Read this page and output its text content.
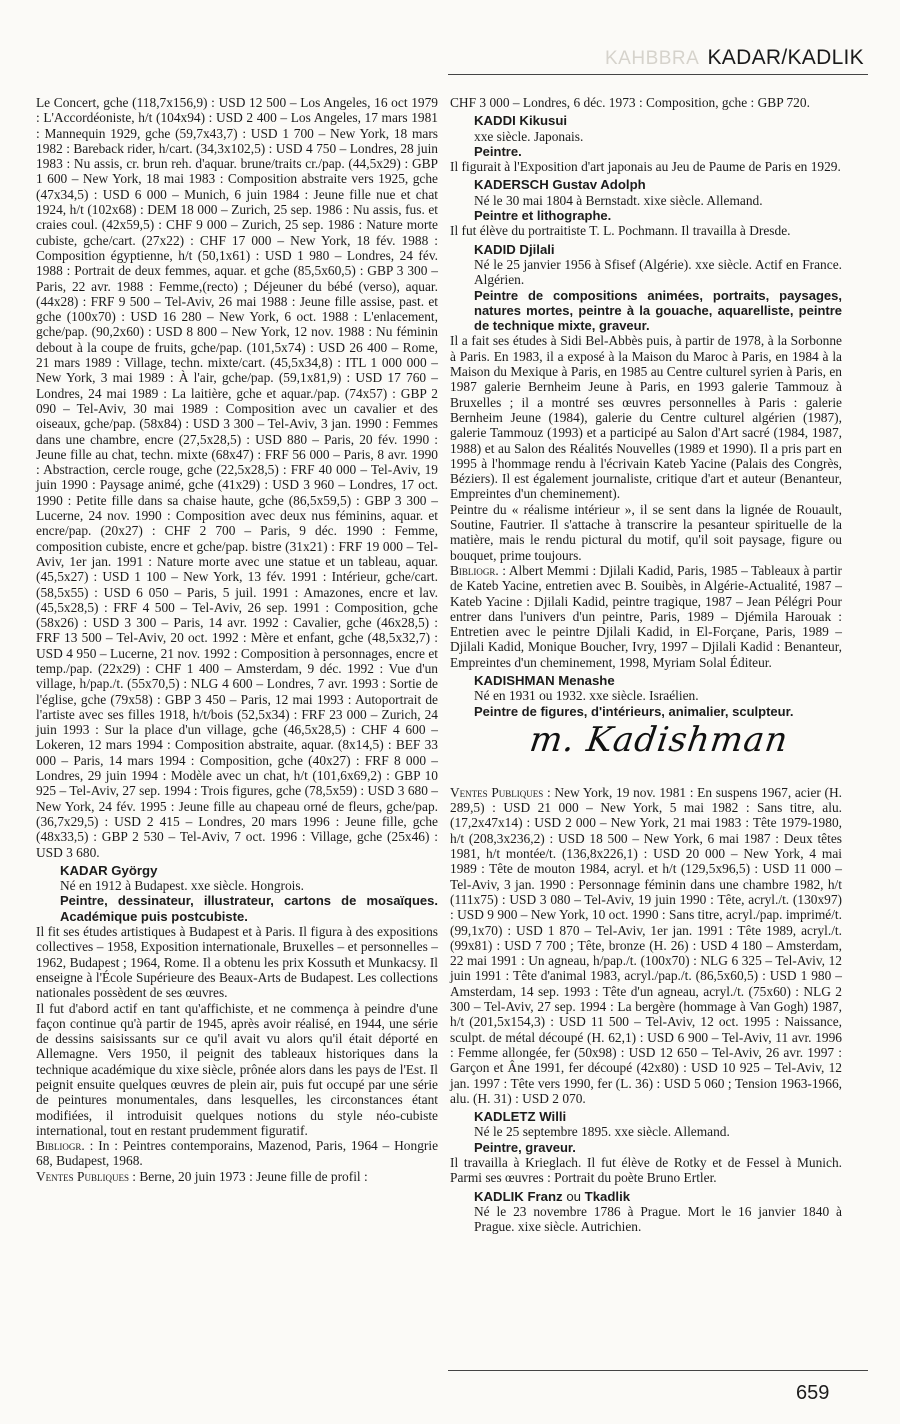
KAHBBRA KADAR/KADLIK

Le Concert, gche (118,7x156,9) : USD 12 500 – Los Angeles, 16 oct 1979 : L'Accordéoniste, h/t (104x94) : USD 2 400 – Los Angeles, 17 mars 1981 : Mannequin 1929, gche (59,7x43,7) : USD 1 700 – New York, 18 mars 1982 : Bareback rider, h/cart. (34,3x102,5) : USD 4 750 – Londres, 28 juin 1983 : Nu assis, cr. brun reh. d'aquar. brune/traits cr./pap. (44,5x29) : GBP 1 600 – New York, 18 mai 1983 : Composition abstraite vers 1925, gche (47x34,5) : USD 6 000 – Munich, 6 juin 1984 : Jeune fille nue et chat 1924, h/t (102x68) : DEM 18 000 – Zurich, 25 sep. 1986 : Nu assis, fus. et craies coul. (42x59,5) : CHF 9 000 – Zurich, 25 sep. 1986 : Nature morte cubiste, gche/cart. (27x22) : CHF 17 000 – New York, 18 fév. 1988 : Composition égyptienne, h/t (50,1x61) : USD 1 980 – Londres, 24 fév. 1988 : Portrait de deux femmes, aquar. et gche (85,5x60,5) : GBP 3 300 – Paris, 22 avr. 1988 : Femme,(recto) ; Déjeuner du bébé (verso), aquar. (44x28) : FRF 9 500 – Tel-Aviv, 26 mai 1988 : Jeune fille assise, past. et gche (100x70) : USD 16 280 – New York, 6 oct. 1988 : L'enlacement, gche/pap. (90,2x60) : USD 8 800 – New York, 12 nov. 1988 : Nu féminin debout à la coupe de fruits, gche/pap. (101,5x74) : USD 26 400 – Rome, 21 mars 1989 : Village, techn. mixte/cart. (45,5x34,8) : ITL 1 000 000 – New York, 3 mai 1989 : À l'air, gche/pap. (59,1x81,9) : USD 17 760 – Londres, 24 mai 1989 : La laitière, gche et aquar./pap. (74x57) : GBP 2 090 – Tel-Aviv, 30 mai 1989 : Composition avec un cavalier et des oiseaux, gche/pap. (58x84) : USD 3 300 – Tel-Aviv, 3 jan. 1990 : Femmes dans une chambre, encre (27,5x28,5) : USD 880 – Paris, 20 fév. 1990 : Jeune fille au chat, techn. mixte (68x47) : FRF 56 000 – Paris, 8 avr. 1990 : Abstraction, cercle rouge, gche (22,5x28,5) : FRF 40 000 – Tel-Aviv, 19 juin 1990 : Paysage animé, gche (41x29) : USD 3 960 – Londres, 17 oct. 1990 : Petite fille dans sa chaise haute, gche (86,5x59,5) : GBP 3 300 – Lucerne, 24 nov. 1990 : Composition avec deux nus féminins, aquar. et encre/pap. (20x27) : CHF 2 700 – Paris, 9 déc. 1990 : Femme, composition cubiste, encre et gche/pap. bistre (31x21) : FRF 19 000 – Tel-Aviv, 1er jan. 1991 : Nature morte avec une statue et un tableau, aquar. (45,5x27) : USD 1 100 – New York, 13 fév. 1991 : Intérieur, gche/cart. (58,5x55) : USD 6 050 – Paris, 5 juil. 1991 : Amazones, encre et lav. (45,5x28,5) : FRF 4 500 – Tel-Aviv, 26 sep. 1991 : Composition, gche (58x26) : USD 3 300 – Paris, 14 avr. 1992 : Cavalier, gche (46x28,5) : FRF 13 500 – Tel-Aviv, 20 oct. 1992 : Mère et enfant, gche (48,5x32,7) : USD 4 950 – Lucerne, 21 nov. 1992 : Composition à personnages, encre et temp./pap. (22x29) : CHF 1 400 – Amsterdam, 9 déc. 1992 : Vue d'un village, h/pap./t. (55x70,5) : NLG 4 600 – Londres, 7 avr. 1993 : Sortie de l'église, gche (79x58) : GBP 3 450 – Paris, 12 mai 1993 : Autoportrait de l'artiste avec ses filles 1918, h/t/bois (52,5x34) : FRF 23 000 – Zurich, 24 juin 1993 : Sur la place d'un village, gche (46,5x28,5) : CHF 4 600 – Lokeren, 12 mars 1994 : Composition abstraite, aquar. (8x14,5) : BEF 33 000 – Paris, 14 mars 1994 : Composition, gche (40x27) : FRF 8 000 – Londres, 29 juin 1994 : Modèle avec un chat, h/t (101,6x69,2) : GBP 10 925 – Tel-Aviv, 27 sep. 1994 : Trois figures, gche (78,5x59) : USD 3 680 – New York, 24 fév. 1995 : Jeune fille au chapeau orné de fleurs, gche/pap. (36,7x29,5) : USD 2 415 – Londres, 20 mars 1996 : Jeune fille, gche (48x33,5) : GBP 2 530 – Tel-Aviv, 7 oct. 1996 : Village, gche (25x46) : USD 3 680.

KADAR György

Né en 1912 à Budapest. xxe siècle. Hongrois.

Peintre, dessinateur, illustrateur, cartons de mosaïques. Académique puis postcubiste.

Il fit ses études artistiques à Budapest et à Paris. Il figura à des expositions collectives – 1958, Exposition internationale, Bruxelles – et personnelles – 1962, Budapest ; 1964, Rome. Il a obtenu les prix Kossuth et Munkacsy. Il enseigne à l'École Supérieure des Beaux-Arts de Budapest. Les collections nationales possèdent de ses œuvres.

Il fut d'abord actif en tant qu'affichiste, et ne commença à peindre d'une façon continue qu'à partir de 1945, après avoir réalisé, en 1944, une série de dessins saisissants sur ce qu'il avait vu alors qu'il était déporté en Allemagne. Vers 1950, il peignit des tableaux historiques dans la technique académique du xixe siècle, prônée alors dans les pays de l'Est. Il peignit ensuite quelques œuvres de plein air, puis fut occupé par une série de peintures monumentales, dans lesquelles, les circonstances étant modifiées, il introduisit quelques notions du style néo-cubiste international, tout en restant prudemment figuratif.

Bibliogr. : In : Peintres contemporains, Mazenod, Paris, 1964 – Hongrie 68, Budapest, 1968.

Ventes Publiques : Berne, 20 juin 1973 : Jeune fille de profil :

CHF 3 000 – Londres, 6 déc. 1973 : Composition, gche : GBP 720.

KADDI Kikusui

xxe siècle. Japonais.

Peintre.

Il figurait à l'Exposition d'art japonais au Jeu de Paume de Paris en 1929.

KADERSCH Gustav Adolph

Né le 30 mai 1804 à Bernstadt. xixe siècle. Allemand.

Peintre et lithographe.

Il fut élève du portraitiste T. L. Pochmann. Il travailla à Dresde.

KADID Djilali

Né le 25 janvier 1956 à Sfisef (Algérie). xxe siècle. Actif en France. Algérien.

Peintre de compositions animées, portraits, paysages, natures mortes, peintre à la gouache, aquarelliste, peintre de technique mixte, graveur.

Il a fait ses études à Sidi Bel-Abbès puis, à partir de 1978, à la Sorbonne à Paris. En 1983, il a exposé à la Maison du Maroc à Paris, en 1984 à la Maison du Mexique à Paris, en 1985 au Centre culturel syrien à Paris, en 1987 galerie Bernheim Jeune à Paris, en 1993 galerie Tammouz à Bruxelles ; il a montré ses œuvres personnelles à Paris : galerie Bernheim Jeune (1984), galerie du Centre culturel algérien (1987), galerie Tammouz (1993) et a participé au Salon d'Art sacré (1984, 1987, 1988) et au Salon des Réalités Nouvelles (1989 et 1990). Il a pris part en 1995 à l'hommage rendu à l'écrivain Kateb Yacine (Palais des Congrès, Béziers). Il est également journaliste, critique d'art et auteur (Benanteur, Empreintes d'un cheminement).

Peintre du « réalisme intérieur », il se sent dans la lignée de Rouault, Soutine, Fautrier. Il s'attache à transcrire la pesanteur spirituelle de la matière, mais le rendu pictural du motif, qu'il soit paysage, figure ou bouquet, prime toujours.

Bibliogr. : Albert Memmi : Djilali Kadid, Paris, 1985 – Tableaux à partir de Kateb Yacine, entretien avec B. Souibès, in Algérie-Actualité, 1987 – Kateb Yacine : Djilali Kadid, peintre tragique, 1987 – Jean Pélégri Pour entrer dans l'univers d'un peintre, Paris, 1989 – Djémila Harouak : Entretien avec le peintre Djilali Kadid, in El-Forçane, Paris, 1989 – Djilali Kadid, Monique Boucher, Ivry, 1997 – Djilali Kadid : Benanteur, Empreintes d'un cheminement, 1998, Myriam Solal Éditeur.

KADISHMAN Menashe

Né en 1931 ou 1932. xxe siècle. Israélien.

Peintre de figures, d'intérieurs, animalier, sculpteur.

m. Kadishman

Ventes Publiques : New York, 19 nov. 1981 : En suspens 1967, acier (H. 289,5) : USD 21 000 – New York, 5 mai 1982 : Sans titre, alu. (17,2x47x14) : USD 2 000 – New York, 21 mai 1983 : Tête 1979-1980, h/t (208,3x236,2) : USD 18 500 – New York, 6 mai 1987 : Deux têtes 1981, h/t montée/t. (136,8x226,1) : USD 20 000 – New York, 4 mai 1989 : Tête de mouton 1984, acryl. et h/t (129,5x96,5) : USD 11 000 – Tel-Aviv, 3 jan. 1990 : Personnage féminin dans une chambre 1982, h/t (111x75) : USD 3 080 – Tel-Aviv, 19 juin 1990 : Tête, acryl./t. (130x97) : USD 9 900 – New York, 10 oct. 1990 : Sans titre, acryl./pap. imprimé/t. (99,1x70) : USD 1 870 – Tel-Aviv, 1er jan. 1991 : Tête 1989, acryl./t. (99x81) : USD 7 700 ; Tête, bronze (H. 26) : USD 4 180 – Amsterdam, 22 mai 1991 : Un agneau, h/pap./t. (100x70) : NLG 6 325 – Tel-Aviv, 12 juin 1991 : Tête d'animal 1983, acryl./pap./t. (86,5x60,5) : USD 1 980 – Amsterdam, 14 sep. 1993 : Tête d'un agneau, acryl./t. (75x60) : NLG 2 300 – Tel-Aviv, 27 sep. 1994 : La bergère (hommage à Van Gogh) 1987, h/t (201,5x154,3) : USD 11 500 – Tel-Aviv, 12 oct. 1995 : Naissance, sculpt. de métal découpé (H. 62,1) : USD 6 900 – Tel-Aviv, 11 avr. 1996 : Femme allongée, fer (50x98) : USD 12 650 – Tel-Aviv, 26 avr. 1997 : Garçon et Âne 1991, fer découpé (42x80) : USD 10 925 – Tel-Aviv, 12 jan. 1997 : Tête vers 1990, fer (L. 36) : USD 5 060 ; Tension 1963-1966, alu. (H. 31) : USD 2 070.

KADLETZ Willi

Né le 25 septembre 1895. xxe siècle. Allemand.

Peintre, graveur.

Il travailla à Krieglach. Il fut élève de Rotky et de Fessel à Munich. Parmi ses œuvres : Portrait du poète Bruno Ertler.

KADLIK Franz ou Tkadlik

Né le 23 novembre 1786 à Prague. Mort le 16 janvier 1840 à Prague. xixe siècle. Autrichien.

659
